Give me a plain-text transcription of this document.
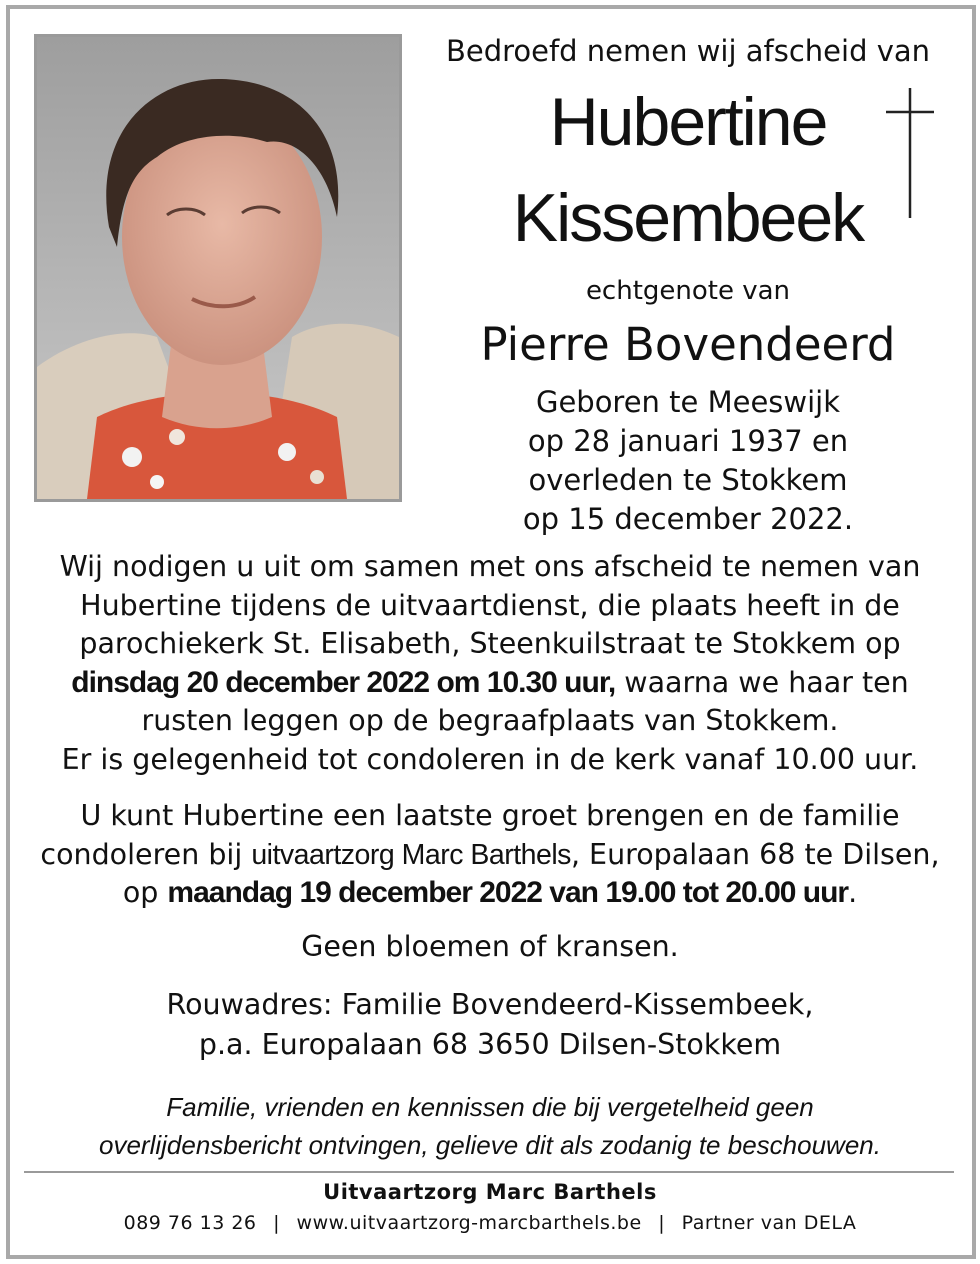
Bedroefd nemen wij afscheid van
Hubertine
Kissembeek
echtgenote van
Pierre Bovendeerd
Geboren te Meeswijk
op 28 januari 1937 en
overleden te Stokkem
op 15 december 2022.
Wij nodigen u uit om samen met ons afscheid te nemen van
Hubertine tijdens de uitvaartdienst, die plaats heeft in de
parochiekerk St. Elisabeth, Steenkuilstraat te Stokkem op
dinsdag 20 december 2022 om 10.30 uur, waarna we haar ten
rusten leggen op de begraafplaats van Stokkem.
Er is gelegenheid tot condoleren in de kerk vanaf 10.00 uur.
U kunt Hubertine een laatste groet brengen en de familie
condoleren bij uitvaartzorg Marc Barthels, Europalaan 68 te Dilsen,
op maandag 19 december 2022 van 19.00 tot 20.00 uur.
Geen bloemen of kransen.
Rouwadres: Familie Bovendeerd-Kissembeek,
p.a. Europalaan 68 3650 Dilsen-Stokkem
Familie, vrienden en kennissen die bij vergetelheid geen
overlijdensbericht ontvingen, gelieve dit als zodanig te beschouwen.
Uitvaartzorg Marc Barthels
089 76 13 26 | www.uitvaartzorg-marcbarthels.be | Partner van DELA
